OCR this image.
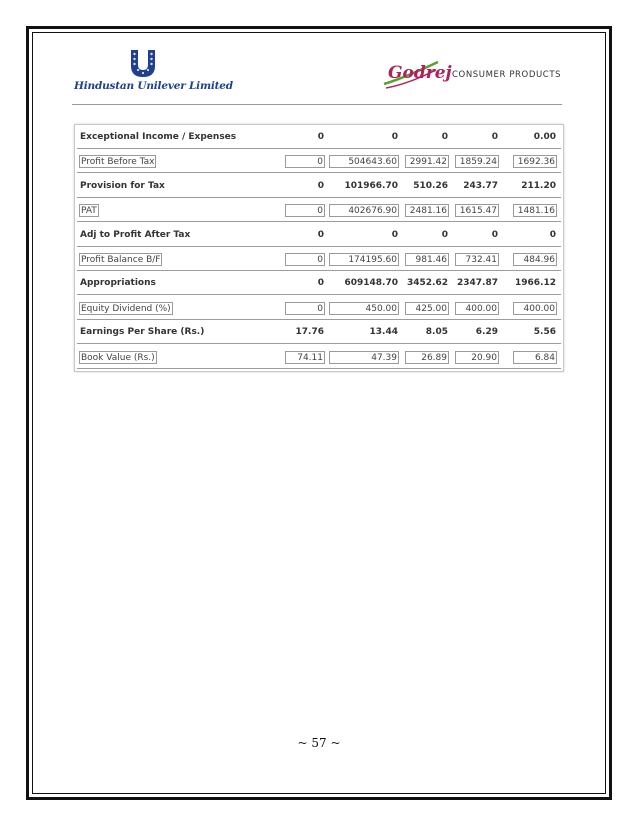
Hindustan Unilever Limited
Godrej CONSUMER PRODUCTS
Exceptional Income / Expenses	0	0	0	0	0.00
Profit Before Tax	0	504643.60	2991.42	1859.24	1692.36
Provision for Tax	0	101966.70	510.26	243.77	211.20
PAT	0	402676.90	2481.16	1615.47	1481.16
Adj to Profit After Tax	0	0	0	0	0
Profit Balance B/F	0	174195.60	981.46	732.41	484.96
Appropriations	0	609148.70 3452.62 2347.87 1966.12
Equity Dividend (%)	0	450.00	425.00	400.00	400.00
Earnings Per Share (Rs.)	17.76	13.44	8.05	6.29	5.56
Book Value (Rs.)	74.11	47.39	26.89	20.90	6.84
~ 57 ~
